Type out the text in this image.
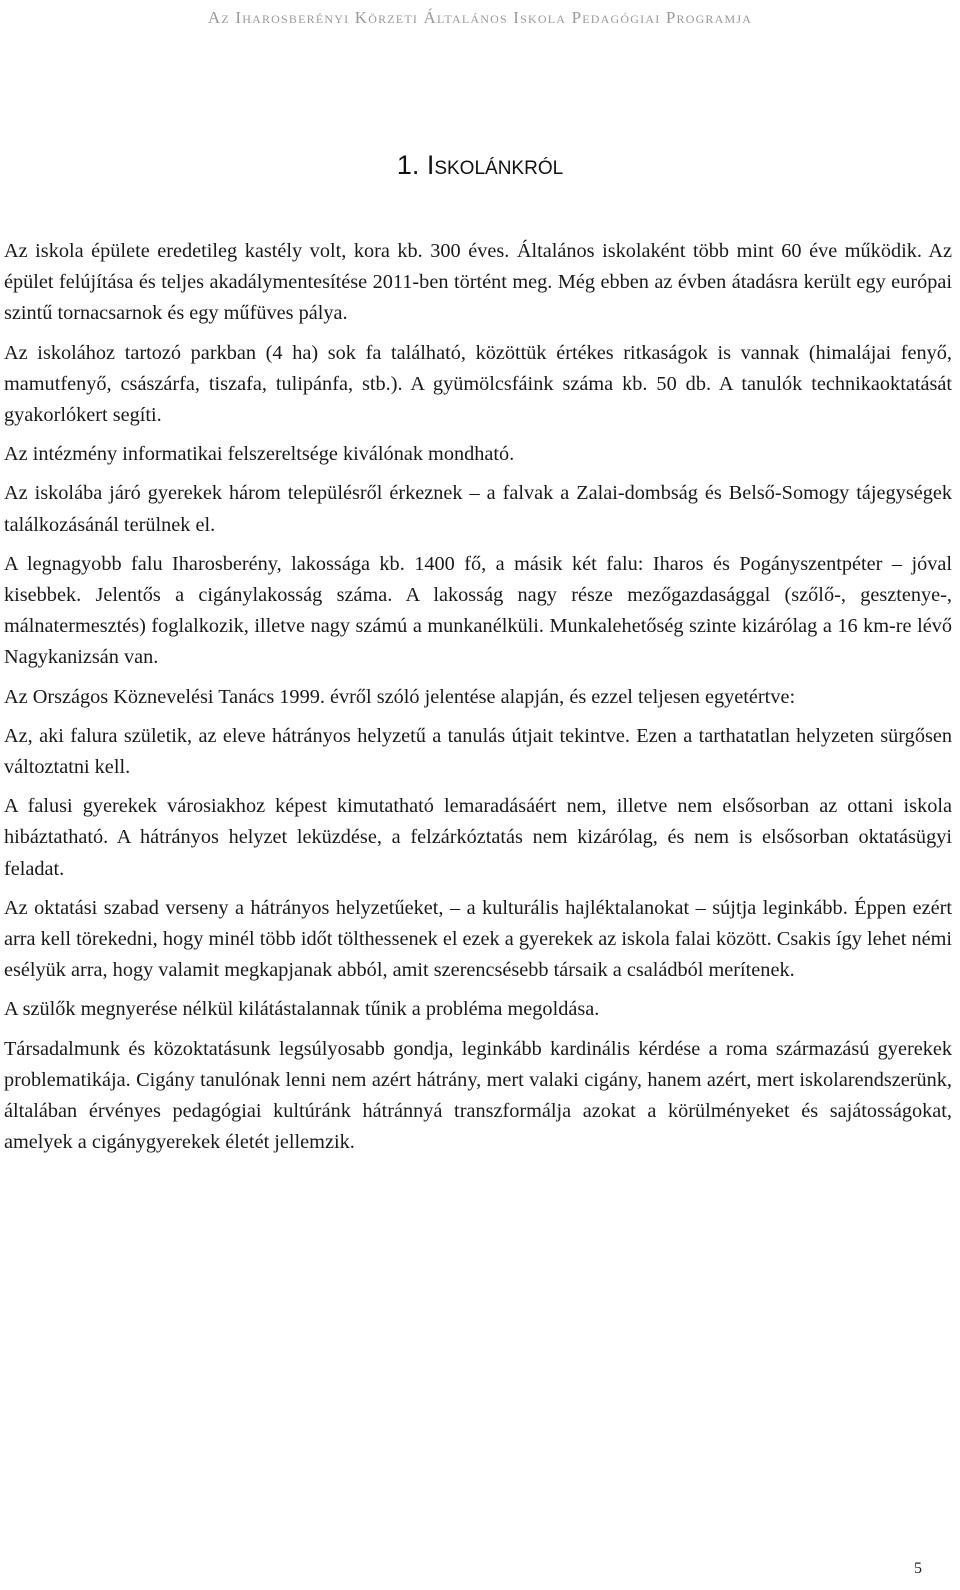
Az Iharosberényi Körzeti Általános Iskola Pedagógiai Programja
1. Iskolánkról

Az iskola épülete eredetileg kastély volt, kora kb. 300 éves. Általános iskolaként több mint 60 éve működik. Az épület felújítása és teljes akadálymentesítése 2011-ben történt meg. Még ebben az évben átadásra került egy európai szintű tornacsarnok és egy műfüves pálya.

Az iskolához tartozó parkban (4 ha) sok fa található, közöttük értékes ritkaságok is vannak (himalájai fenyő, mamutfenyő, császárfa, tiszafa, tulipánfa, stb.). A gyümölcsfáink száma kb. 50 db. A tanulók technikaoktatását gyakorlókert segíti.

Az intézmény informatikai felszereltsége kiválónak mondható.

Az iskolába járó gyerekek három településről érkeznek – a falvak a Zalai-dombság és Belső-Somogy tájegységek találkozásánál terülnek el.

A legnagyobb falu Iharosberény, lakossága kb. 1400 fő, a másik két falu: Iharos és Pogányszentpéter – jóval kisebbek. Jelentős a cigánylakosság száma. A lakosság nagy része mezőgazdasággal (szőlő-, gesztenye-, málnatermesztés) foglalkozik, illetve nagy számú a munkanélküli. Munkalehetőség szinte kizárólag a 16 km-re lévő Nagykanizsán van.

Az Országos Köznevelési Tanács 1999. évről szóló jelentése alapján, és ezzel teljesen egyetértve:

Az, aki falura születik, az eleve hátrányos helyzetű a tanulás útjait tekintve. Ezen a tarthatatlan helyzeten sürgősen változtatni kell.

A falusi gyerekek városiakhoz képest kimutatható lemaradásáért nem, illetve nem elsősorban az ottani iskola hibáztatható. A hátrányos helyzet leküzdése, a felzárkóztatás nem kizárólag, és nem is elsősorban oktatásügyi feladat.

Az oktatási szabad verseny a hátrányos helyzetűeket, – a kulturális hajléktalanokat – sújtja leginkább. Éppen ezért arra kell törekedni, hogy minél több időt tölthessenek el ezek a gyerekek az iskola falai között. Csakis így lehet némi esélyük arra, hogy valamit megkapjanak abból, amit szerencsésebb társaik a családból merítenek.

A szülők megnyerése nélkül kilátástalannak tűnik a probléma megoldása.

Társadalmunk és közoktatásunk legsúlyosabb gondja, leginkább kardinális kérdése a roma származású gyerekek problematikája. Cigány tanulónak lenni nem azért hátrány, mert valaki cigány, hanem azért, mert iskolarendszerünk, általában érvényes pedagógiai kultúránk hátránnyá transzformálja azokat a körülményeket és sajátosságokat, amelyek a cigánygyerekek életét jellemzik.

5
